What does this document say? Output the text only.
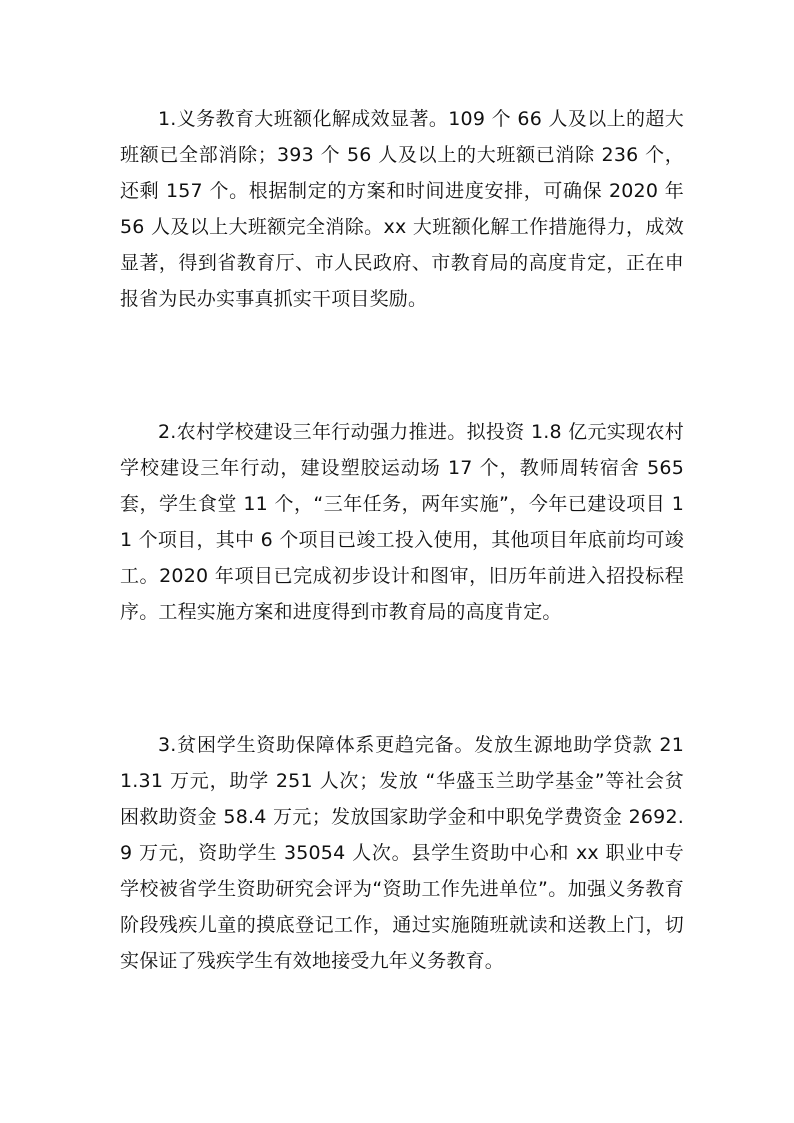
1.义务教育大班额化解成效显著。109 个 66 人及以上的超大班额已全部消除；393 个 56 人及以上的大班额已消除 236 个，还剩 157 个。根据制定的方案和时间进度安排，可确保 2020 年 56 人及以上大班额完全消除。xx 大班额化解工作措施得力，成效显著，得到省教育厅、市人民政府、市教育局的高度肯定，正在申报省为民办实事真抓实干项目奖励。

2.农村学校建设三年行动强力推进。拟投资 1.8 亿元实现农村学校建设三年行动，建设塑胶运动场 17 个，教师周转宿舍 565 套，学生食堂 11 个，“三年任务，两年实施”，今年已建设项目 11 个项目，其中 6 个项目已竣工投入使用，其他项目年底前均可竣工。2020 年项目已完成初步设计和图审，旧历年前进入招投标程序。工程实施方案和进度得到市教育局的高度肯定。

3.贫困学生资助保障体系更趋完备。发放生源地助学贷款 211.31 万元，助学 251 人次；发放 “华盛玉兰助学基金”等社会贫困救助资金 58.4 万元；发放国家助学金和中职免学费资金 2692.9 万元，资助学生 35054 人次。县学生资助中心和 xx 职业中专学校被省学生资助研究会评为“资助工作先进单位”。加强义务教育阶段残疾儿童的摸底登记工作，通过实施随班就读和送教上门，切实保证了残疾学生有效地接受九年义务教育。
